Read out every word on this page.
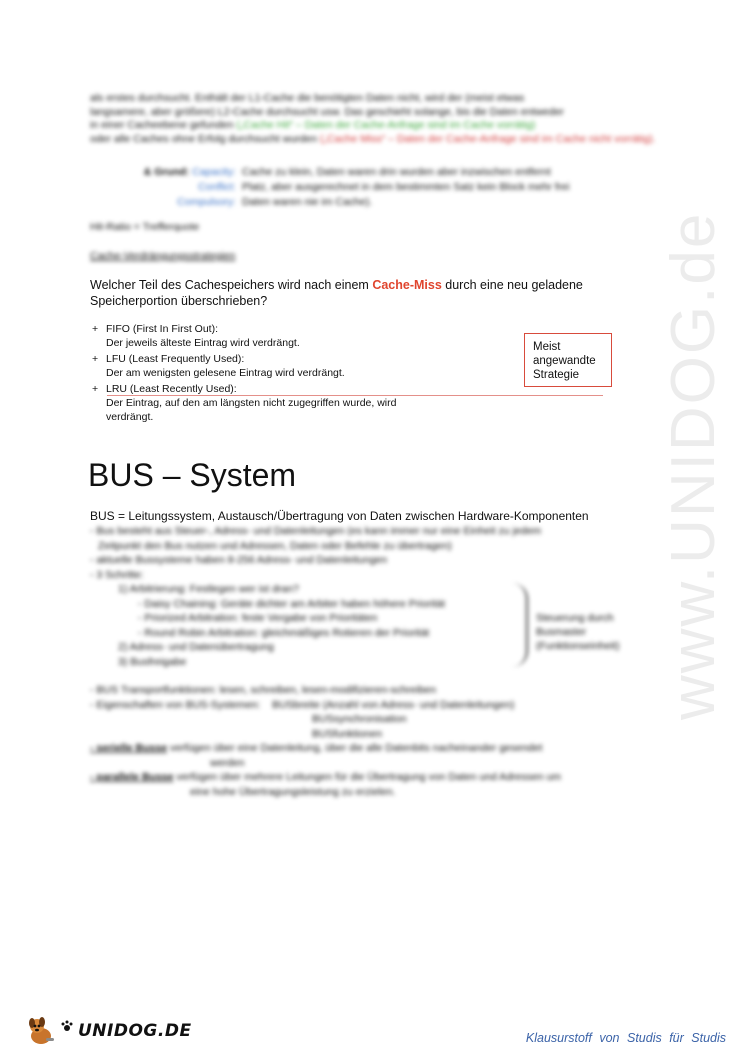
www.UNIDOG.de

als erstes durchsucht. Enthält der L1-Cache die benötigten Daten nicht, wird der (meist etwas

langsamere, aber größere) L2-Cache durchsucht usw. Das geschieht solange, bis die Daten entweder

in einer Cacheebene gefunden („Cache Hit“ – Daten der Cache-Anfrage sind im Cache vorrätig)

oder alle Caches ohne Erfolg durchsucht wurden („Cache Miss“ – Daten der Cache-Anfrage sind im Cache nicht vorrätig).

& Grund: Capacity: Cache zu klein, Daten waren drin wurden aber inzwischen entfernt
Conflict: Platz, aber ausgerechnet in dem bestimmten Satz kein Block mehr frei
Compulsory: Daten waren nie im Cache).
Hit-Ratio = Trefferquote
Cache-Verdrängungsstrategien
Welcher Teil des Cachespeichers wird nach einem Cache-Miss durch eine neu geladene Speicherportion überschrieben?
+ FIFO (First In First Out):
Der jeweils älteste Eintrag wird verdrängt.
+ LFU (Least Frequently Used):
Der am wenigsten gelesene Eintrag wird verdrängt.
+ LRU (Least Recently Used):
Der Eintrag, auf den am längsten nicht zugegriffen wurde, wird verdrängt.
Meist
angewandte
Strategie
BUS – System
BUS = Leitungssystem, Austausch/Übertragung von Daten zwischen Hardware-Komponenten

- Bus besteht aus Steuer-, Adress- und Datenleitungen (es kann immer nur eine Einheit zu jedem

Zeitpunkt den Bus nutzen und Adressen, Daten oder Befehle zu übertragen)

- aktuelle Bussysteme haben 8-256 Adress- und Datenleitungen

- 3 Schritte:

1) Arbitrierung: Festlegen wer ist dran?

- Daisy Chaining: Geräte dichter am Arbiter haben höhere Priorität

- Priorized Arbitration: feste Vergabe von Prioritäten

- Round Robin Arbitration: gleichmäßiges Rotieren der Priorität

2) Adress- und Datenübertragung

3) Busfreigabe

- BUS Transportfunktionen: lesen, schreiben, lesen-modifizieren-schreiben

- Eigenschaften von BUS-Systemen: BUSbreite (Anzahl von Adress- und Datenleitungen)

BUSsynchronisation

BUSfunktionen

- serielle Busse verfügen über eine Datenleitung, über die alle Datenbits nacheinander gesendet

werden

- parallele Busse verfügen über mehrere Leitungen für die Übertragung von Daten und Adressen um

eine hohe Übertragungsleistung zu erzielen.

Steuerung durch
Busmaster
(Funktionseinheit)
UNIDOG.DE	Klausurstoff von Studis für Studis
